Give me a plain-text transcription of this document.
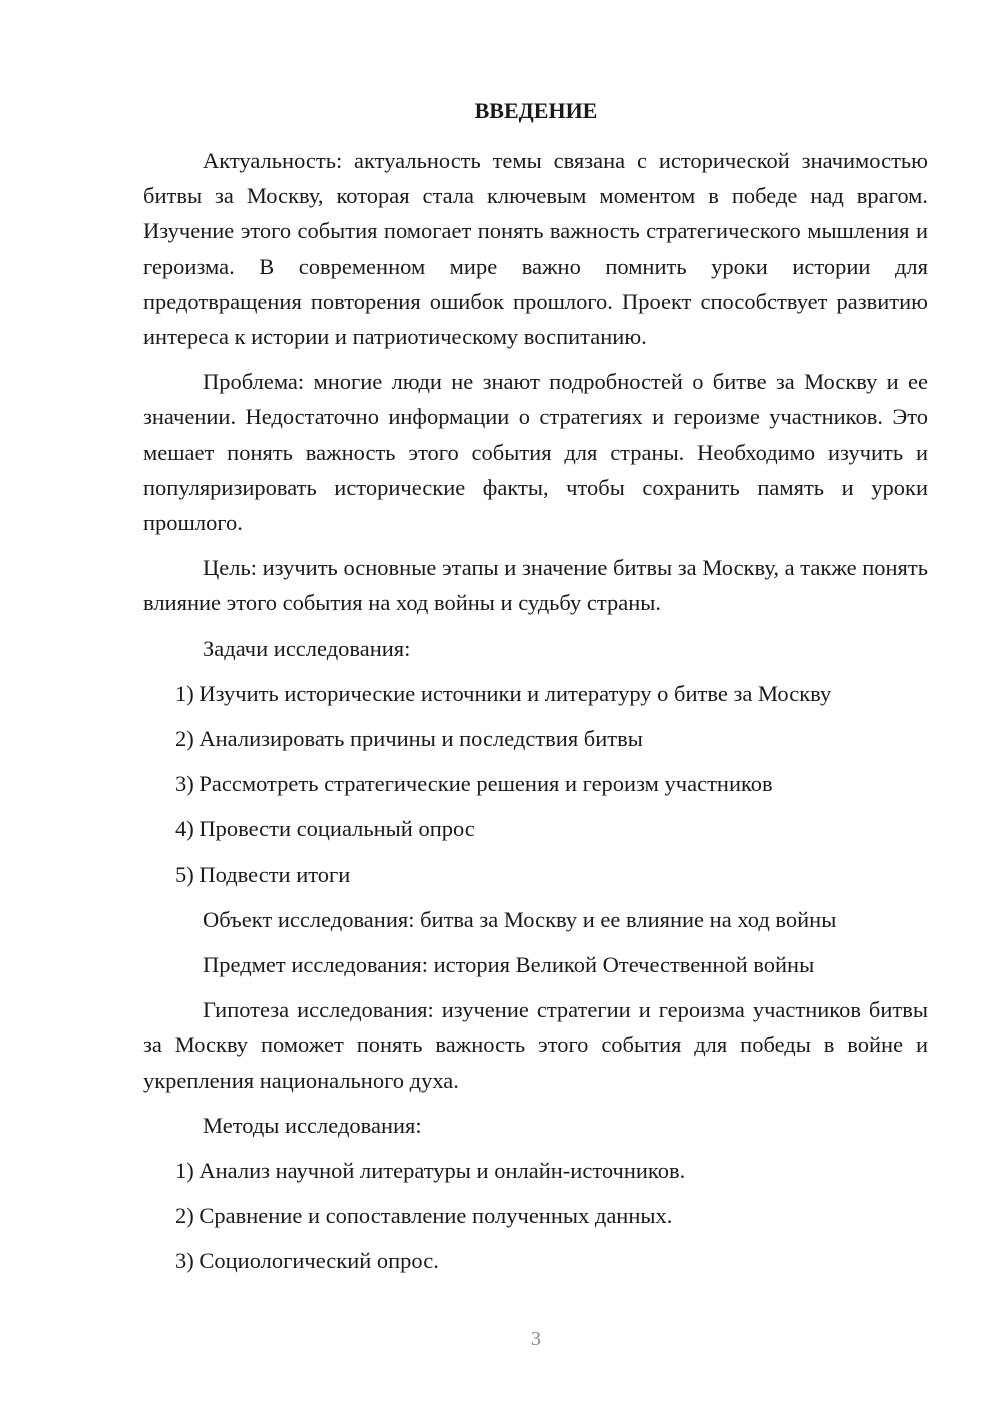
ВВЕДЕНИЕ

Актуальность: актуальность темы связана с исторической значимостью битвы за Москву, которая стала ключевым моментом в победе над врагом. Изучение этого события помогает понять важность стратегического мышления и героизма. В современном мире важно помнить уроки истории для предотвращения повторения ошибок прошлого. Проект способствует развитию интереса к истории и патриотическому воспитанию.

Проблема: многие люди не знают подробностей о битве за Москву и ее значении. Недостаточно информации о стратегиях и героизме участников. Это мешает понять важность этого события для страны. Необходимо изучить и популяризировать исторические факты, чтобы сохранить память и уроки прошлого.

Цель: изучить основные этапы и значение битвы за Москву, а также понять влияние этого события на ход войны и судьбу страны.

Задачи исследования:

1) Изучить исторические источники и литературу о битве за Москву
2) Анализировать причины и последствия битвы
3) Рассмотреть стратегические решения и героизм участников
4) Провести социальный опрос
5) Подвести итоги

Объект исследования: битва за Москву и ее влияние на ход войны

Предмет исследования: история Великой Отечественной войны

Гипотеза исследования: изучение стратегии и героизма участников битвы за Москву поможет понять важность этого события для победы в войне и укрепления национального духа.

Методы исследования:

1) Анализ научной литературы и онлайн-источников.
2) Сравнение и сопоставление полученных данных.
3) Социологический опрос.
3
